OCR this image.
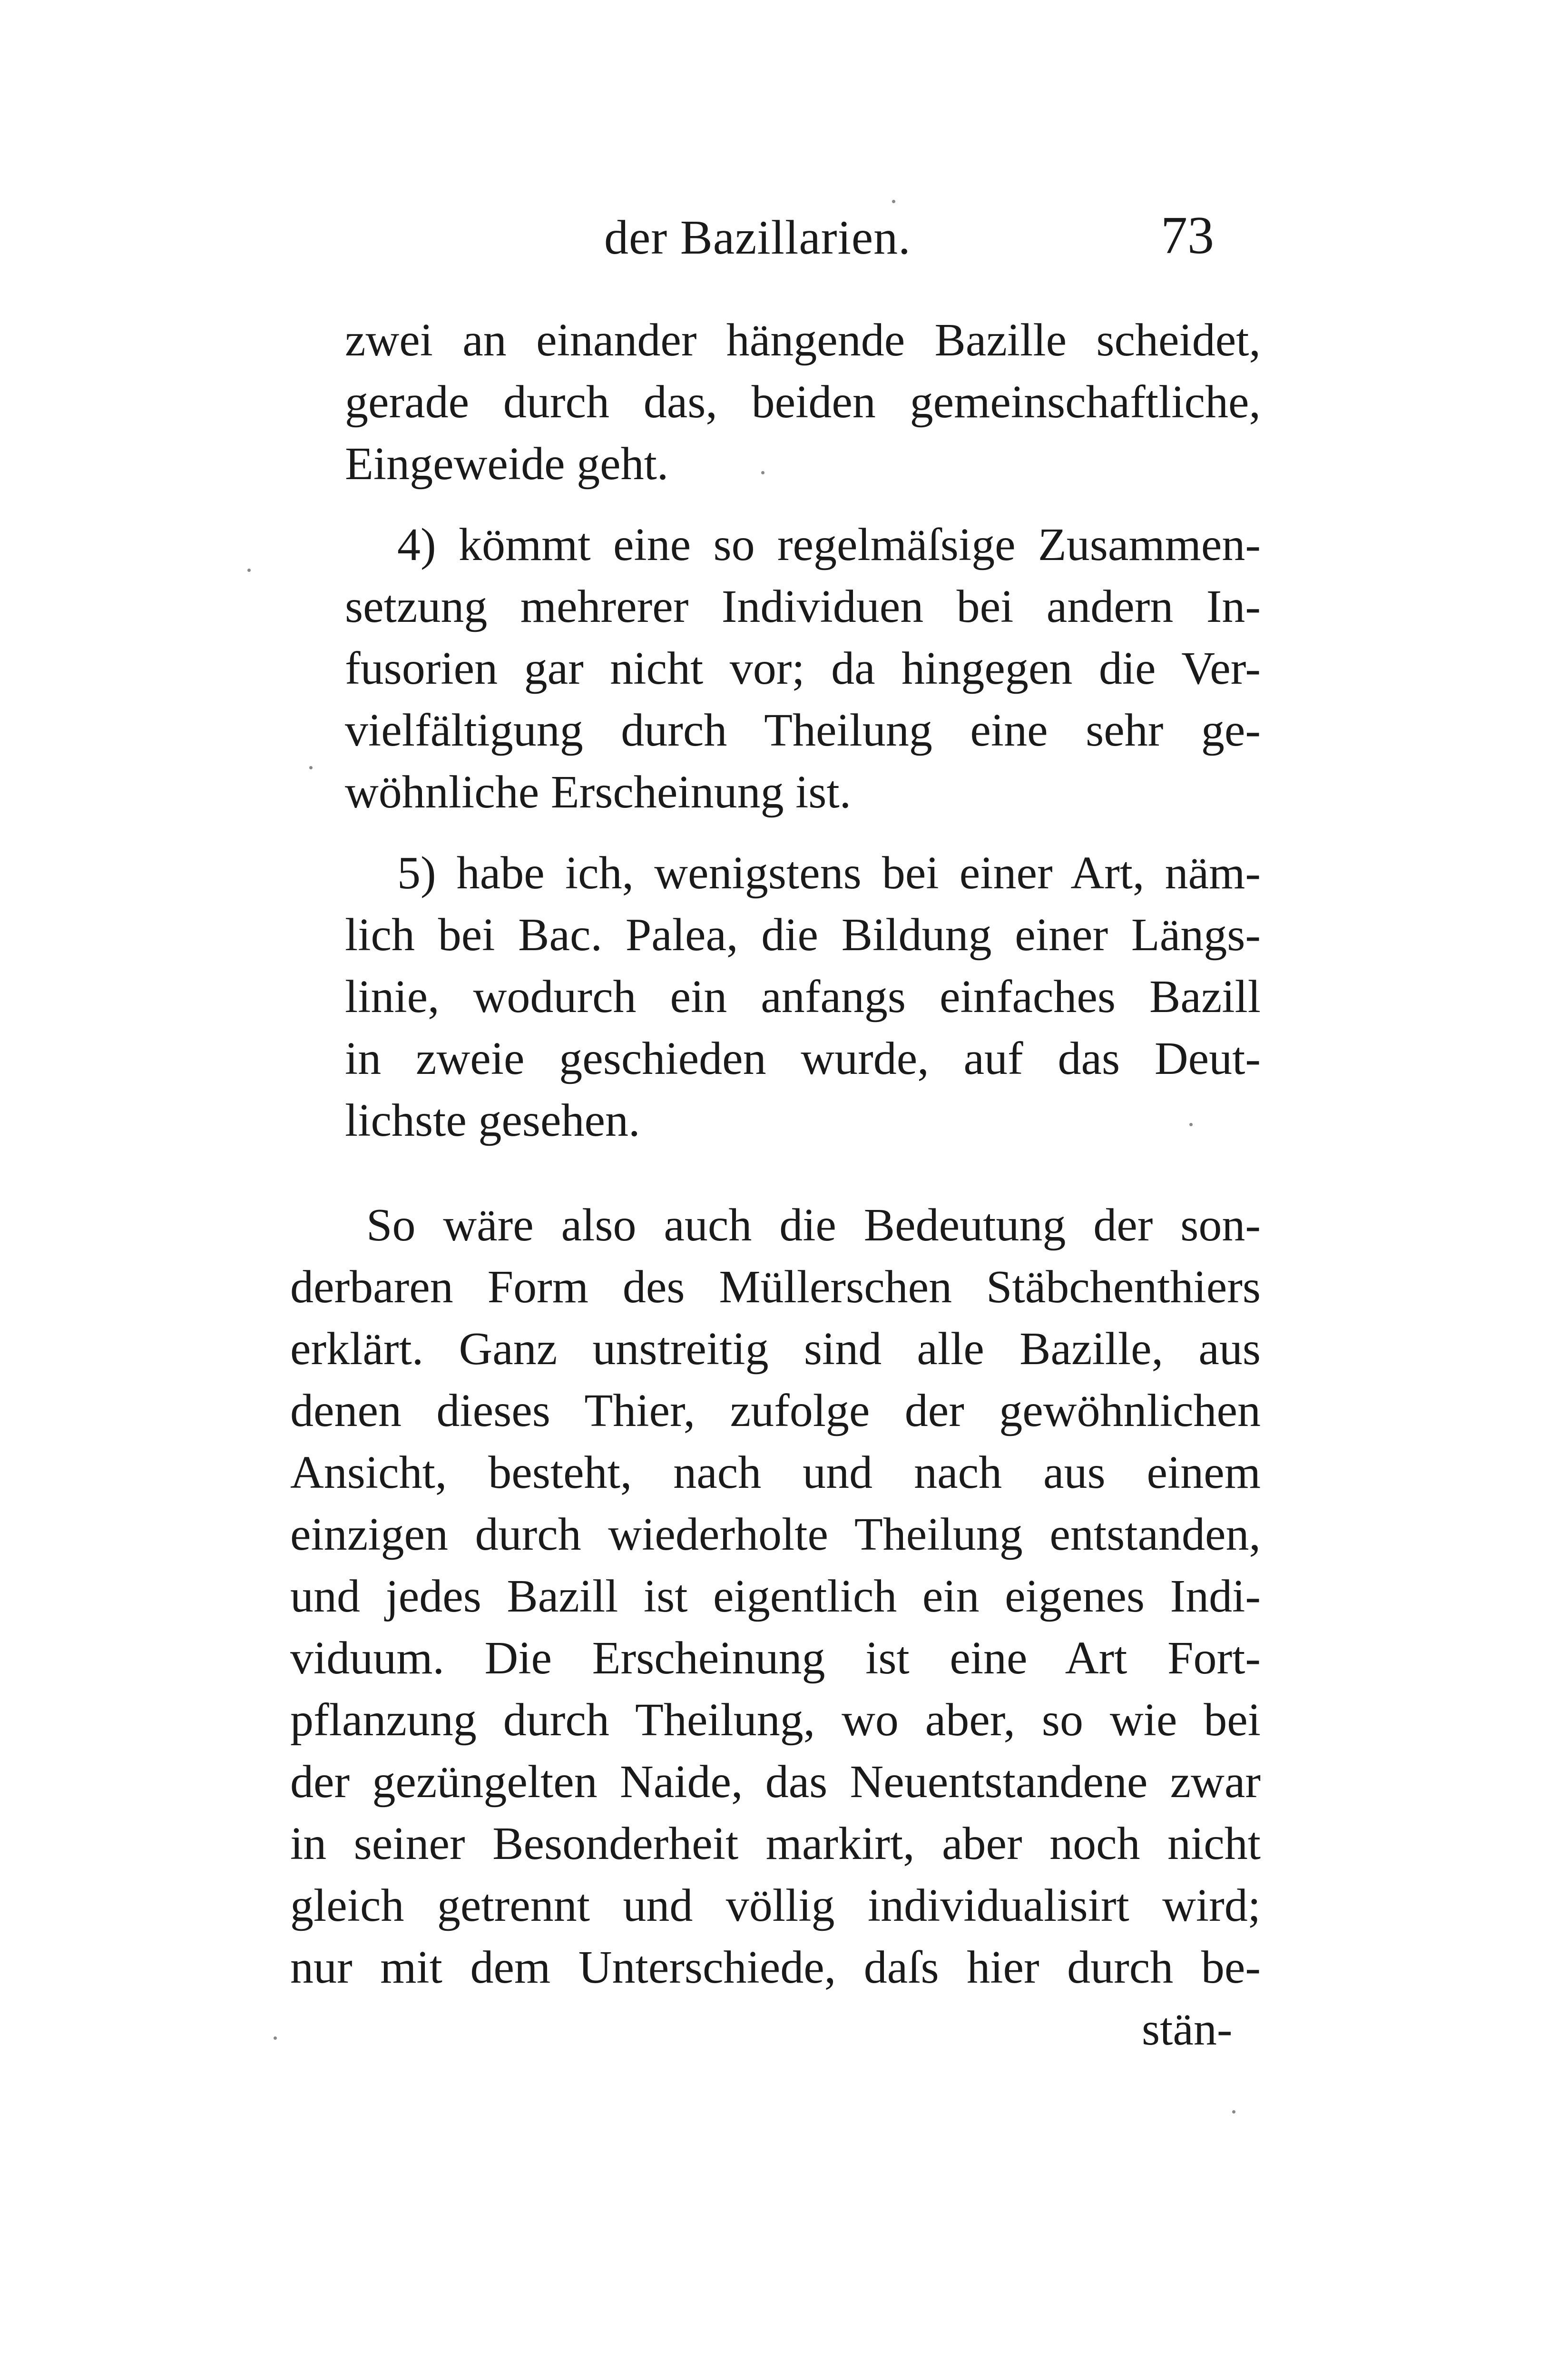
der Bazillarien.	73
zwei an einander hängende Bazille scheidet,
gerade durch das, beiden gemeinschaftliche,
Eingeweide geht.
4) kömmt eine so regelmäſsige Zusammen-
setzung mehrerer Individuen bei andern In-
fusorien gar nicht vor; da hingegen die Ver-
vielfältigung durch Theilung eine sehr ge-
wöhnliche Erscheinung ist.
5) habe ich, wenigstens bei einer Art, näm-
lich bei Bac. Palea, die Bildung einer Längs-
linie, wodurch ein anfangs einfaches Bazill
in zweie geschieden wurde, auf das Deut-
lichste gesehen.
So wäre also auch die Bedeutung der son-
derbaren Form des Müllerschen Stäbchenthiers
erklärt. Ganz unstreitig sind alle Bazille, aus
denen dieses Thier, zufolge der gewöhnlichen
Ansicht, besteht, nach und nach aus einem
einzigen durch wiederholte Theilung entstanden,
und jedes Bazill ist eigentlich ein eigenes Indi-
viduum. Die Erscheinung ist eine Art Fort-
pflanzung durch Theilung, wo aber, so wie bei
der gezüngelten Naide, das Neuentstandene zwar
in seiner Besonderheit markirt, aber noch nicht
gleich getrennt und völlig individualisirt wird;
nur mit dem Unterschiede, daſs hier durch be-
stän-
